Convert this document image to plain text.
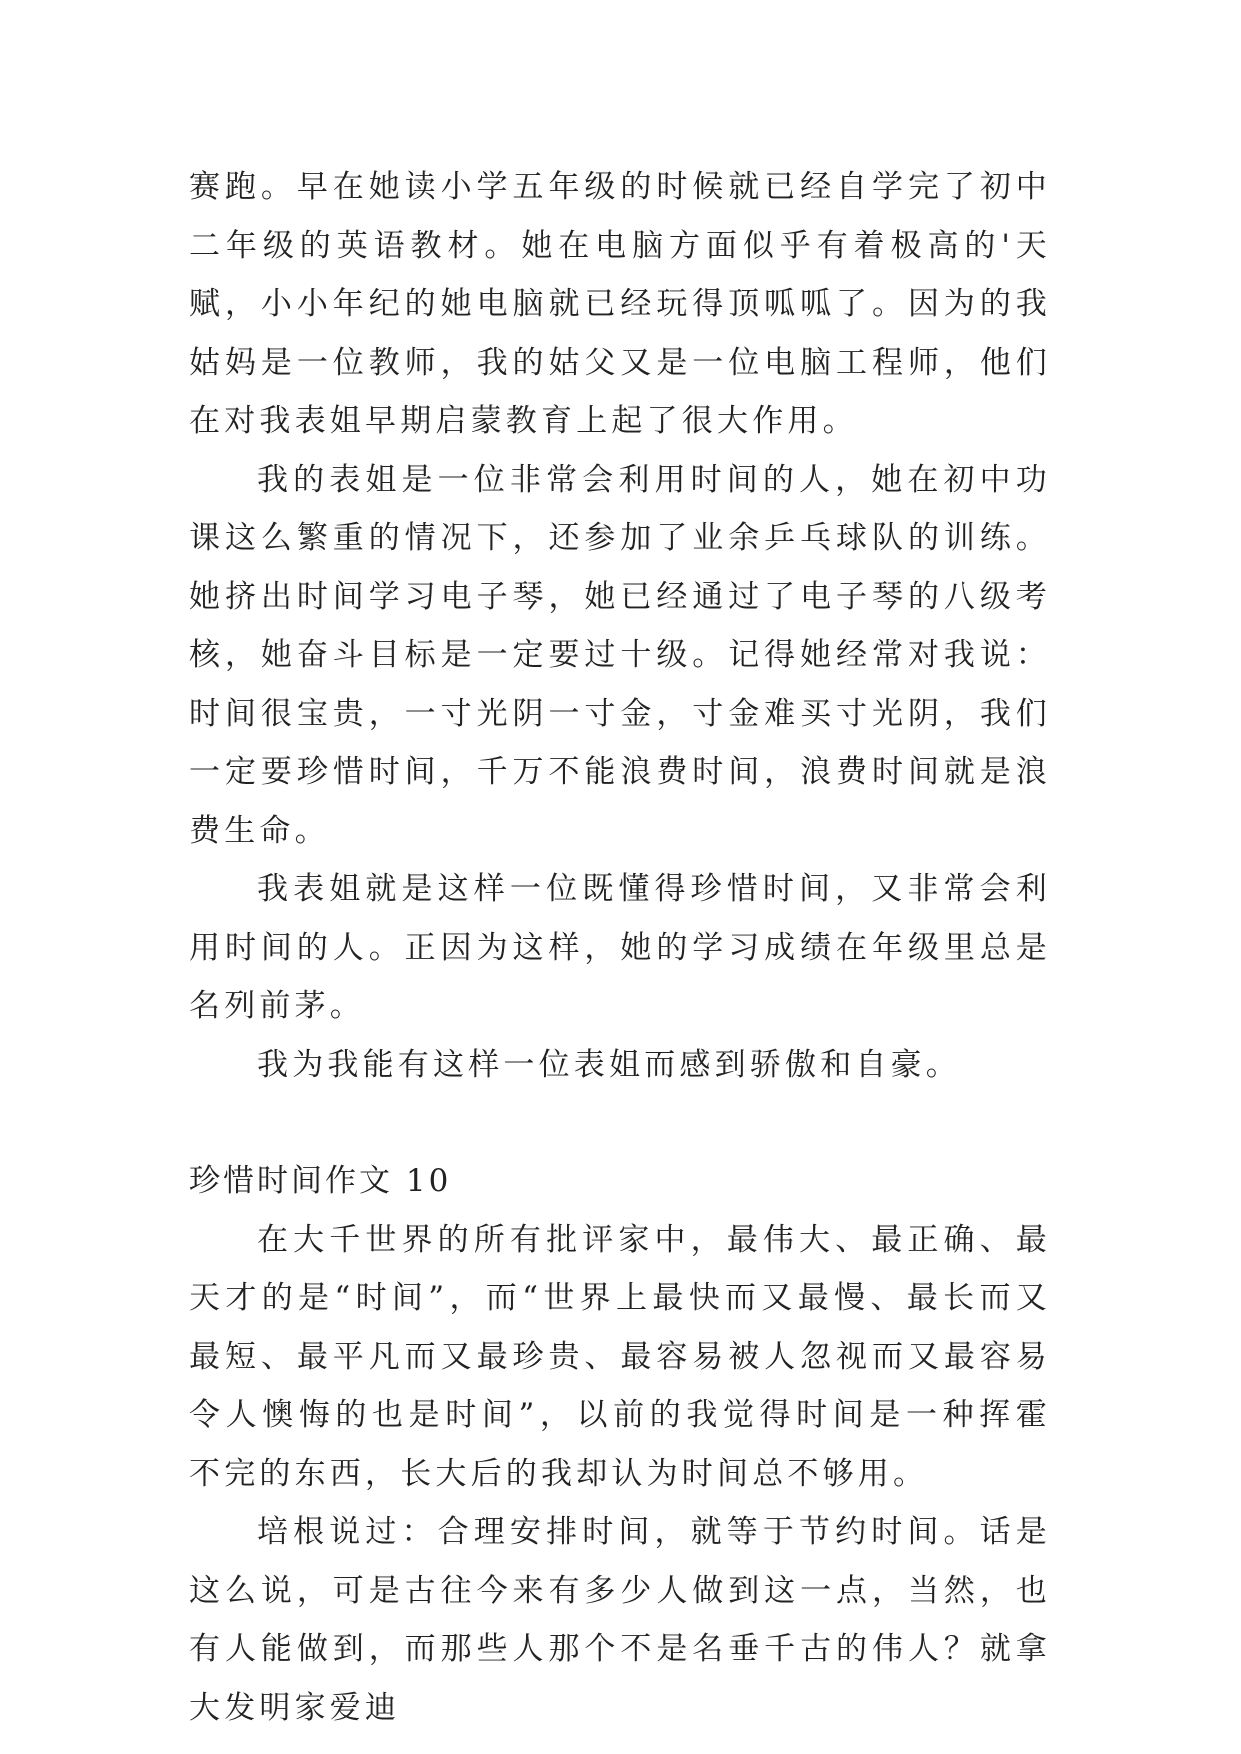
赛跑。早在她读小学五年级的时候就已经自学完了初中二年级的英语教材。她在电脑方面似乎有着极高的'天赋，小小年纪的她电脑就已经玩得顶呱呱了。因为的我姑妈是一位教师，我的姑父又是一位电脑工程师，他们在对我表姐早期启蒙教育上起了很大作用。

我的表姐是一位非常会利用时间的人，她在初中功课这么繁重的情况下，还参加了业余乒乓球队的训练。她挤出时间学习电子琴，她已经通过了电子琴的八级考核，她奋斗目标是一定要过十级。记得她经常对我说：时间很宝贵，一寸光阴一寸金，寸金难买寸光阴，我们一定要珍惜时间，千万不能浪费时间，浪费时间就是浪费生命。

我表姐就是这样一位既懂得珍惜时间，又非常会利用时间的人。正因为这样，她的学习成绩在年级里总是名列前茅。

我为我能有这样一位表姐而感到骄傲和自豪。

珍惜时间作文 10

在大千世界的所有批评家中，最伟大、最正确、最天才的是“时间”，而“世界上最快而又最慢、最长而又最短、最平凡而又最珍贵、最容易被人忽视而又最容易令人懊悔的也是时间”，以前的我觉得时间是一种挥霍不完的东西，长大后的我却认为时间总不够用。

培根说过：合理安排时间，就等于节约时间。话是这么说，可是古往今来有多少人做到这一点，当然，也有人能做到，而那些人那个不是名垂千古的伟人？就拿大发明家爱迪
